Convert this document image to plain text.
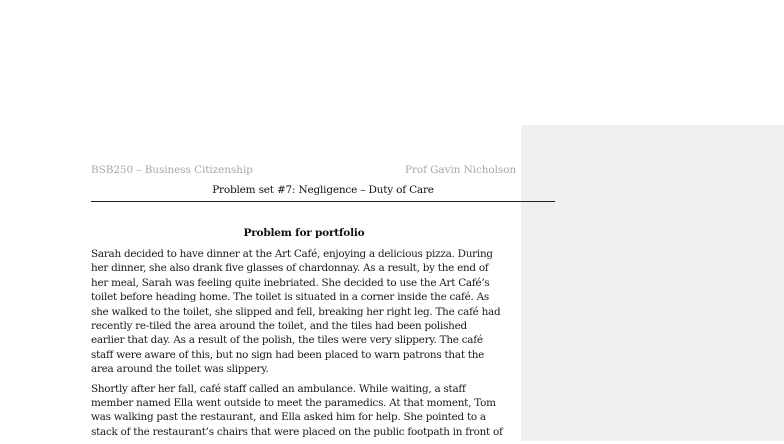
BSB250 – Business Citizenship	Prof Gavin Nicholson
Problem set #7: Negligence – Duty of Care
Problem for portfolio

Sarah decided to have dinner at the Art Café, enjoying a delicious pizza. During
her dinner, she also drank five glasses of chardonnay. As a result, by the end of
her meal, Sarah was feeling quite inebriated. She decided to use the Art Café’s
toilet before heading home. The toilet is situated in a corner inside the café. As
she walked to the toilet, she slipped and fell, breaking her right leg. The café had
recently re-tiled the area around the toilet, and the tiles had been polished
earlier that day. As a result of the polish, the tiles were very slippery. The café
staff were aware of this, but no sign had been placed to warn patrons that the
area around the toilet was slippery.

Shortly after her fall, café staff called an ambulance. While waiting, a staff
member named Ella went outside to meet the paramedics. At that moment, Tom
was walking past the restaurant, and Ella asked him for help. She pointed to a
stack of the restaurant’s chairs that were placed on the public footpath in front of
